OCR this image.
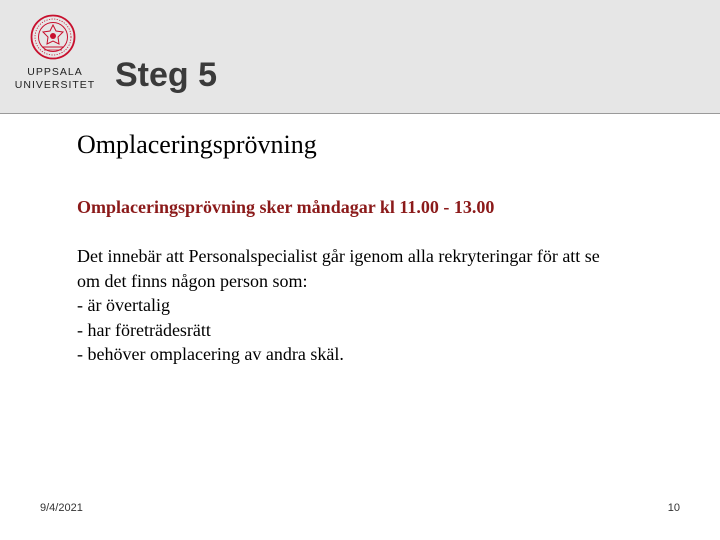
UPPSALA
UNIVERSITET Steg 5
Omplaceringsprövning
Omplaceringsprövning sker måndagar kl 11.00 - 13.00
Det innebär att Personalspecialist går igenom alla rekryteringar för att se
om det finns någon person som:
- är övertalig
- har företrädesrätt
- behöver omplacering av andra skäl.
9/4/2021	10
